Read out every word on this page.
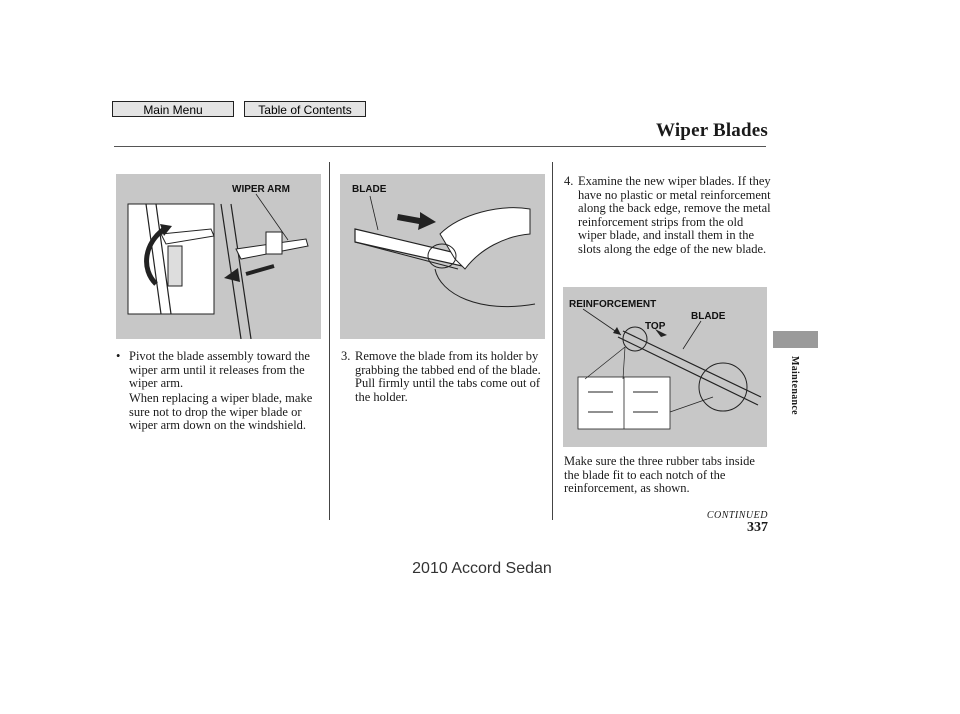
Main Menu	Table of Contents
Wiper Blades
WIPER ARM	BLADE
REINFORCEMENT
TOP
BLADE
• Pivot the blade assembly toward the wiper arm until it releases from the wiper arm.
When replacing a wiper blade, make sure not to drop the wiper blade or wiper arm down on the windshield.
3. Remove the blade from its holder by grabbing the tabbed end of the blade. Pull firmly until the tabs come out of the holder.
4. Examine the new wiper blades. If they have no plastic or metal reinforcement along the back edge, remove the metal reinforcement strips from the old wiper blade, and install them in the slots along the edge of the new blade.
Make sure the three rubber tabs inside the blade fit to each notch of the reinforcement, as shown.
CONTINUED
337
Maintenance
2010 Accord Sedan
